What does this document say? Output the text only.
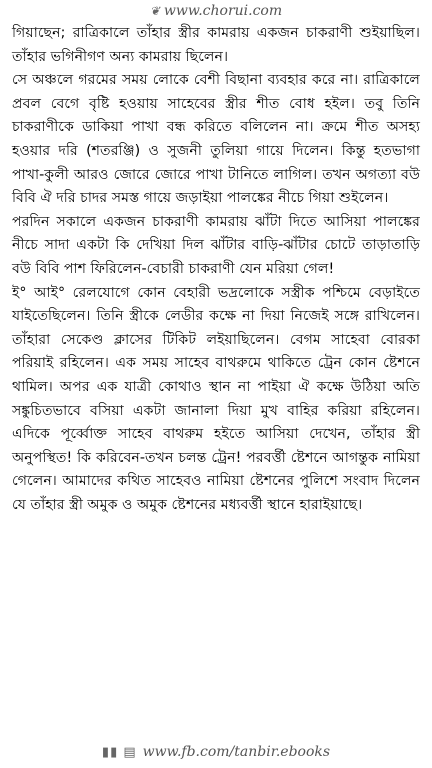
❦ www.chorui.com

গিয়াছেন; রাত্রিকালে তাঁহার স্ত্রীর কামরায় একজন চাকরাণী শুইয়াছিল। তাঁহার ভগিনীগণ অন্য কামরায় ছিলেন।

সে অঞ্চলে গরমের সময় লোকে বেশী বিছানা ব্যবহার করে না। রাত্রিকালে প্রবল বেগে বৃষ্টি হওয়ায় সাহেবের স্ত্রীর শীত বোধ হইল। তবু তিনি চাকরাণীকে ডাকিয়া পাখা বন্ধ করিতে বলিলেন না। ক্রমে শীত অসহ্য হওয়ার দরি (শতরঞ্জি) ও সুজনী তুলিয়া গায়ে দিলেন। কিন্তু হতভাগা পাখা-কুলী আরও জোরে জোরে পাখা টানিতে লাগিল। তখন অগত্যা বউ বিবি ঐ দরি চাদর সমস্ত গায়ে জড়াইয়া পালঙ্কের নীচে গিয়া শুইলেন।

পরদিন সকালে একজন চাকরাণী কামরায় ঝাঁটা দিতে আসিয়া পালঙ্কের নীচে সাদা একটা কি দেখিয়া দিল ঝাঁটার বাড়ি-ঝাঁটার চোটে তাড়াতাড়ি বউ বিবি পাশ ফিরিলেন-বেচারী চাকরাণী যেন মরিয়া গেল!

ই° আই° রেলযোগে কোন বেহারী ভদ্রলোকে সস্ত্রীক পশ্চিমে বেড়াইতে যাইতেছিলেন। তিনি স্ত্রীকে লেডীর কক্ষে না দিয়া নিজেই সঙ্গে রাখিলেন। তাঁহারা সেকেণ্ড ক্লাসের টিকিট লইয়াছিলেন। বেগম সাহেবা বোরকা পরিয়াই রহিলেন। এক সময় সাহেব বাথরুমে থাকিতে ট্রেন কোন ষ্টেশনে থামিল। অপর এক যাত্রী কোথাও স্থান না পাইয়া ঐ কক্ষে উঠিয়া অতি সঙ্কুচিতভাবে বসিয়া একটা জানালা দিয়া মুখ বাহির করিয়া রহিলেন। এদিকে পূর্ব্বোক্ত সাহেব বাথরুম হইতে আসিয়া দেখেন, তাঁহার স্ত্রী অনুপস্থিত! কি করিবেন-তখন চলন্ত ট্রেন! পরবর্ত্তী ষ্টেশনে আগন্তুক নামিয়া গেলেন। আমাদের কথিত সাহেবও নামিয়া ষ্টেশনের পুলিশে সংবাদ দিলেন যে তাঁহার স্ত্রী অমুক ও অমুক ষ্টেশনের মধ্যবর্ত্তী স্থানে হারাইয়াছে।

▮▮ ▤ www.fb.com/tanbir.ebooks
